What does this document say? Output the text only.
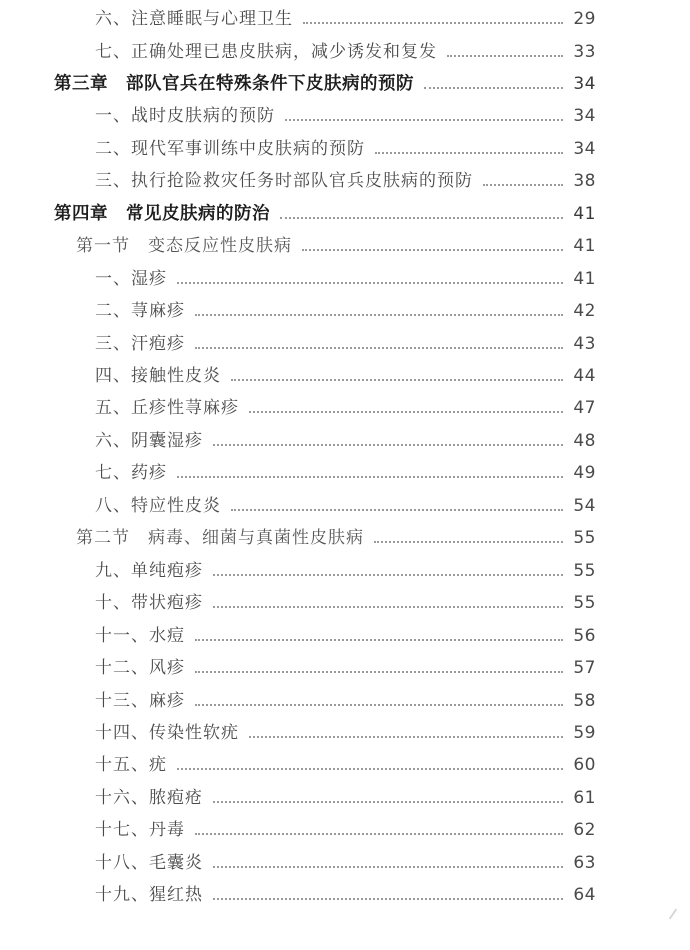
六、注意睡眠与心理卫生	29
七、正确处理已患皮肤病，减少诱发和复发	33
第三章　部队官兵在特殊条件下皮肤病的预防	34
一、战时皮肤病的预防	34
二、现代军事训练中皮肤病的预防	34
三、执行抢险救灾任务时部队官兵皮肤病的预防	38
第四章　常见皮肤病的防治	41
第一节　变态反应性皮肤病	41
一、湿疹	41
二、荨麻疹	42
三、汗疱疹	43
四、接触性皮炎	44
五、丘疹性荨麻疹	47
六、阴囊湿疹	48
七、药疹	49
八、特应性皮炎	54
第二节　病毒、细菌与真菌性皮肤病	55
九、单纯疱疹	55
十、带状疱疹	55
十一、水痘	56
十二、风疹	57
十三、麻疹	58
十四、传染性软疣	59
十五、疣	60
十六、脓疱疮	61
十七、丹毒	62
十八、毛囊炎	63
十九、猩红热	64
